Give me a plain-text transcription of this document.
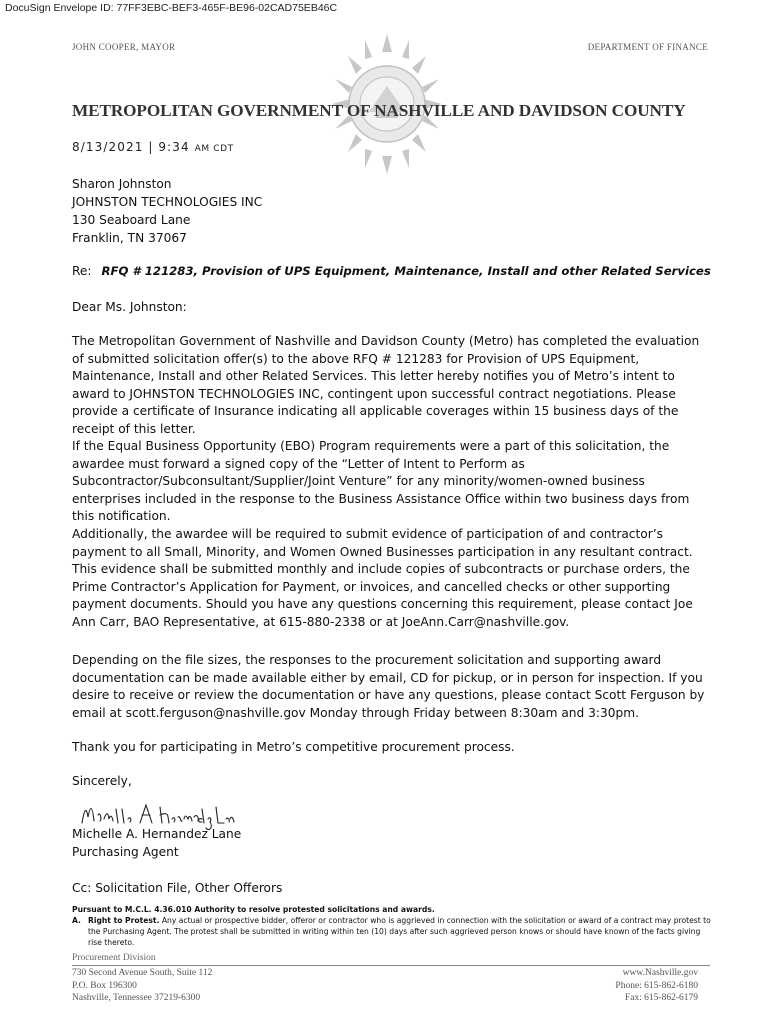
DocuSign Envelope ID: 77FF3EBC-BEF3-465F-BE96-02CAD75EB46C
JOHN COOPER, MAYOR	DEPARTMENT OF FINANCE
METROPOLITAN GOVERNMENT OF NASHVILLE AND DAVIDSON COUNTY
8/13/2021 | 9:34 AM CDT
Sharon Johnston
JOHNSTON TECHNOLOGIES INC
130 Seaboard Lane
Franklin, TN 37067
Re: RFQ # 121283, Provision of UPS Equipment, Maintenance, Install and other Related Services
Dear Ms. Johnston:
The Metropolitan Government of Nashville and Davidson County (Metro) has completed the evaluation of submitted solicitation offer(s) to the above RFQ # 121283 for Provision of UPS Equipment, Maintenance, Install and other Related Services. This letter hereby notifies you of Metro’s intent to award to JOHNSTON TECHNOLOGIES INC, contingent upon successful contract negotiations. Please provide a certificate of Insurance indicating all applicable coverages within 15 business days of the receipt of this letter.
If the Equal Business Opportunity (EBO) Program requirements were a part of this solicitation, the awardee must forward a signed copy of the “Letter of Intent to Perform as Subcontractor/Subconsultant/Supplier/Joint Venture” for any minority/women-owned business enterprises included in the response to the Business Assistance Office within two business days from this notification.
Additionally, the awardee will be required to submit evidence of participation of and contractor’s payment to all Small, Minority, and Women Owned Businesses participation in any resultant contract. This evidence shall be submitted monthly and include copies of subcontracts or purchase orders, the Prime Contractor’s Application for Payment, or invoices, and cancelled checks or other supporting payment documents. Should you have any questions concerning this requirement, please contact Joe Ann Carr, BAO Representative, at 615-880-2338 or at JoeAnn.Carr@nashville.gov.
Depending on the file sizes, the responses to the procurement solicitation and supporting award documentation can be made available either by email, CD for pickup, or in person for inspection. If you desire to receive or review the documentation or have any questions, please contact Scott Ferguson by email at scott.ferguson@nashville.gov Monday through Friday between 8:30am and 3:30pm.
Thank you for participating in Metro’s competitive procurement process.
Sincerely,
Michelle A. Hernandez Lane
Purchasing Agent
Cc: Solicitation File, Other Offerors
Pursuant to M.C.L. 4.36.010 Authority to resolve protested solicitations and awards.
A. Right to Protest. Any actual or prospective bidder, offeror or contractor who is aggrieved in connection with the solicitation or award of a contract may protest to the Purchasing Agent. The protest shall be submitted in writing within ten (10) days after such aggrieved person knows or should have known of the facts giving rise thereto.
Procurement Division
730 Second Avenue South, Suite 112
P.O. Box 196300
Nashville, Tennessee 37219-6300
www.Nashville.gov
Phone: 615-862-6180
Fax: 615-862-6179
